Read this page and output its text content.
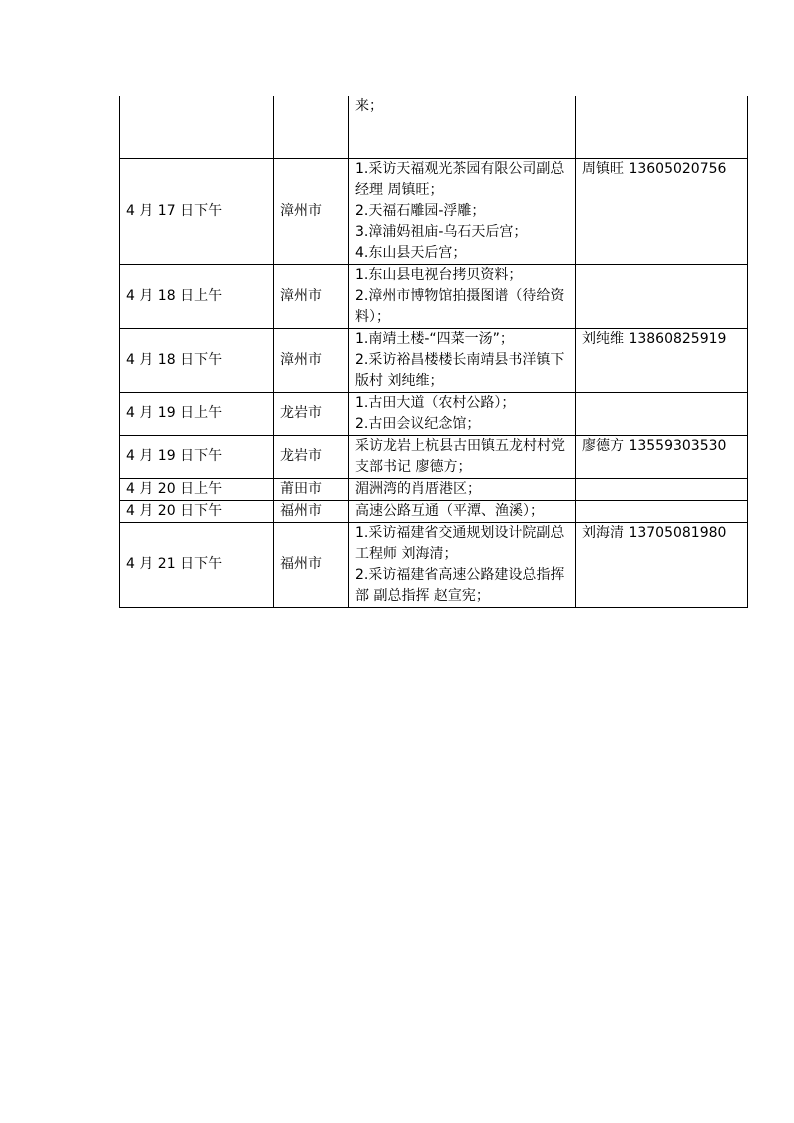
		来；	

4 月 17 日下午	漳州市	1.采访天福观光茶园有限公司副总经理 周镇旺；
2.天福石雕园-浮雕；
3.漳浦妈祖庙-乌石天后宫；
4.东山县天后宫；	周镇旺 13605020756
4 月 18 日上午	漳州市	1.东山县电视台拷贝资料；
2.漳州市博物馆拍摄图谱（待给资料）；	

4 月 18 日下午	漳州市	1.南靖土楼-“四菜一汤”；
2.采访裕昌楼楼长南靖县书洋镇下版村 刘纯维；	刘纯维 13860825919
4 月 19 日上午	龙岩市	1.古田大道（农村公路）；
2.古田会议纪念馆；	

4 月 19 日下午	龙岩市	采访龙岩上杭县古田镇五龙村村党支部书记 廖德方；	廖德方 13559303530
4 月 20 日上午	莆田市	湄洲湾的肖厝港区；	

4 月 20 日下午	福州市	高速公路互通（平潭、渔溪）；	

4 月 21 日下午	福州市	1.采访福建省交通规划设计院副总工程师 刘海清；
2.采访福建省高速公路建设总指挥部 副总指挥 赵宣宪；	刘海清 13705081980
